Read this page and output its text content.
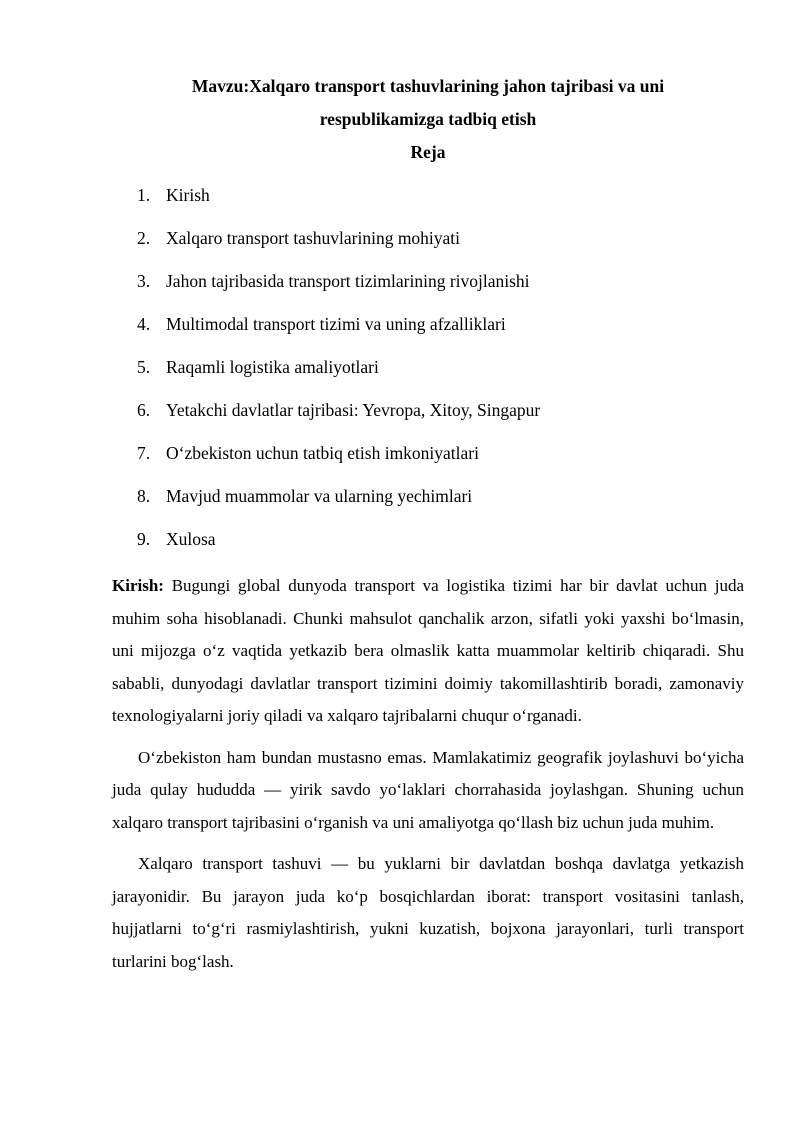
Mavzu:Xalqaro transport tashuvlarining jahon tajribasi va uni
respublikamizga tadbiq etish
Reja
1. Kirish
2. Xalqaro transport tashuvlarining mohiyati
3. Jahon tajribasida transport tizimlarining rivojlanishi
4. Multimodal transport tizimi va uning afzalliklari
5. Raqamli logistika amaliyotlari
6. Yetakchi davlatlar tajribasi: Yevropa, Xitoy, Singapur
7. Oʻzbekiston uchun tatbiq etish imkoniyatlari
8. Mavjud muammolar va ularning yechimlari
9. Xulosa

Kirish: Bugungi global dunyoda transport va logistika tizimi har bir davlat uchun juda muhim soha hisoblanadi. Chunki mahsulot qanchalik arzon, sifatli yoki yaxshi boʻlmasin, uni mijozga oʻz vaqtida yetkazib bera olmaslik katta muammolar keltirib chiqaradi. Shu sababli, dunyodagi davlatlar transport tizimini doimiy takomillashtirib boradi, zamonaviy texnologiyalarni joriy qiladi va xalqaro tajribalarni chuqur oʻrganadi.

Oʻzbekiston ham bundan mustasno emas. Mamlakatimiz geografik joylashuvi boʻyicha juda qulay hududda — yirik savdo yoʻlaklari chorrahasida joylashgan. Shuning uchun xalqaro transport tajribasini oʻrganish va uni amaliyotga qoʻllash biz uchun juda muhim.

Xalqaro transport tashuvi — bu yuklarni bir davlatdan boshqa davlatga yetkazish jarayonidir. Bu jarayon juda koʻp bosqichlardan iborat: transport vositasini tanlash, hujjatlarni toʻgʻri rasmiylashtirish, yukni kuzatish, bojxona jarayonlari, turli transport turlarini bogʻlash.
